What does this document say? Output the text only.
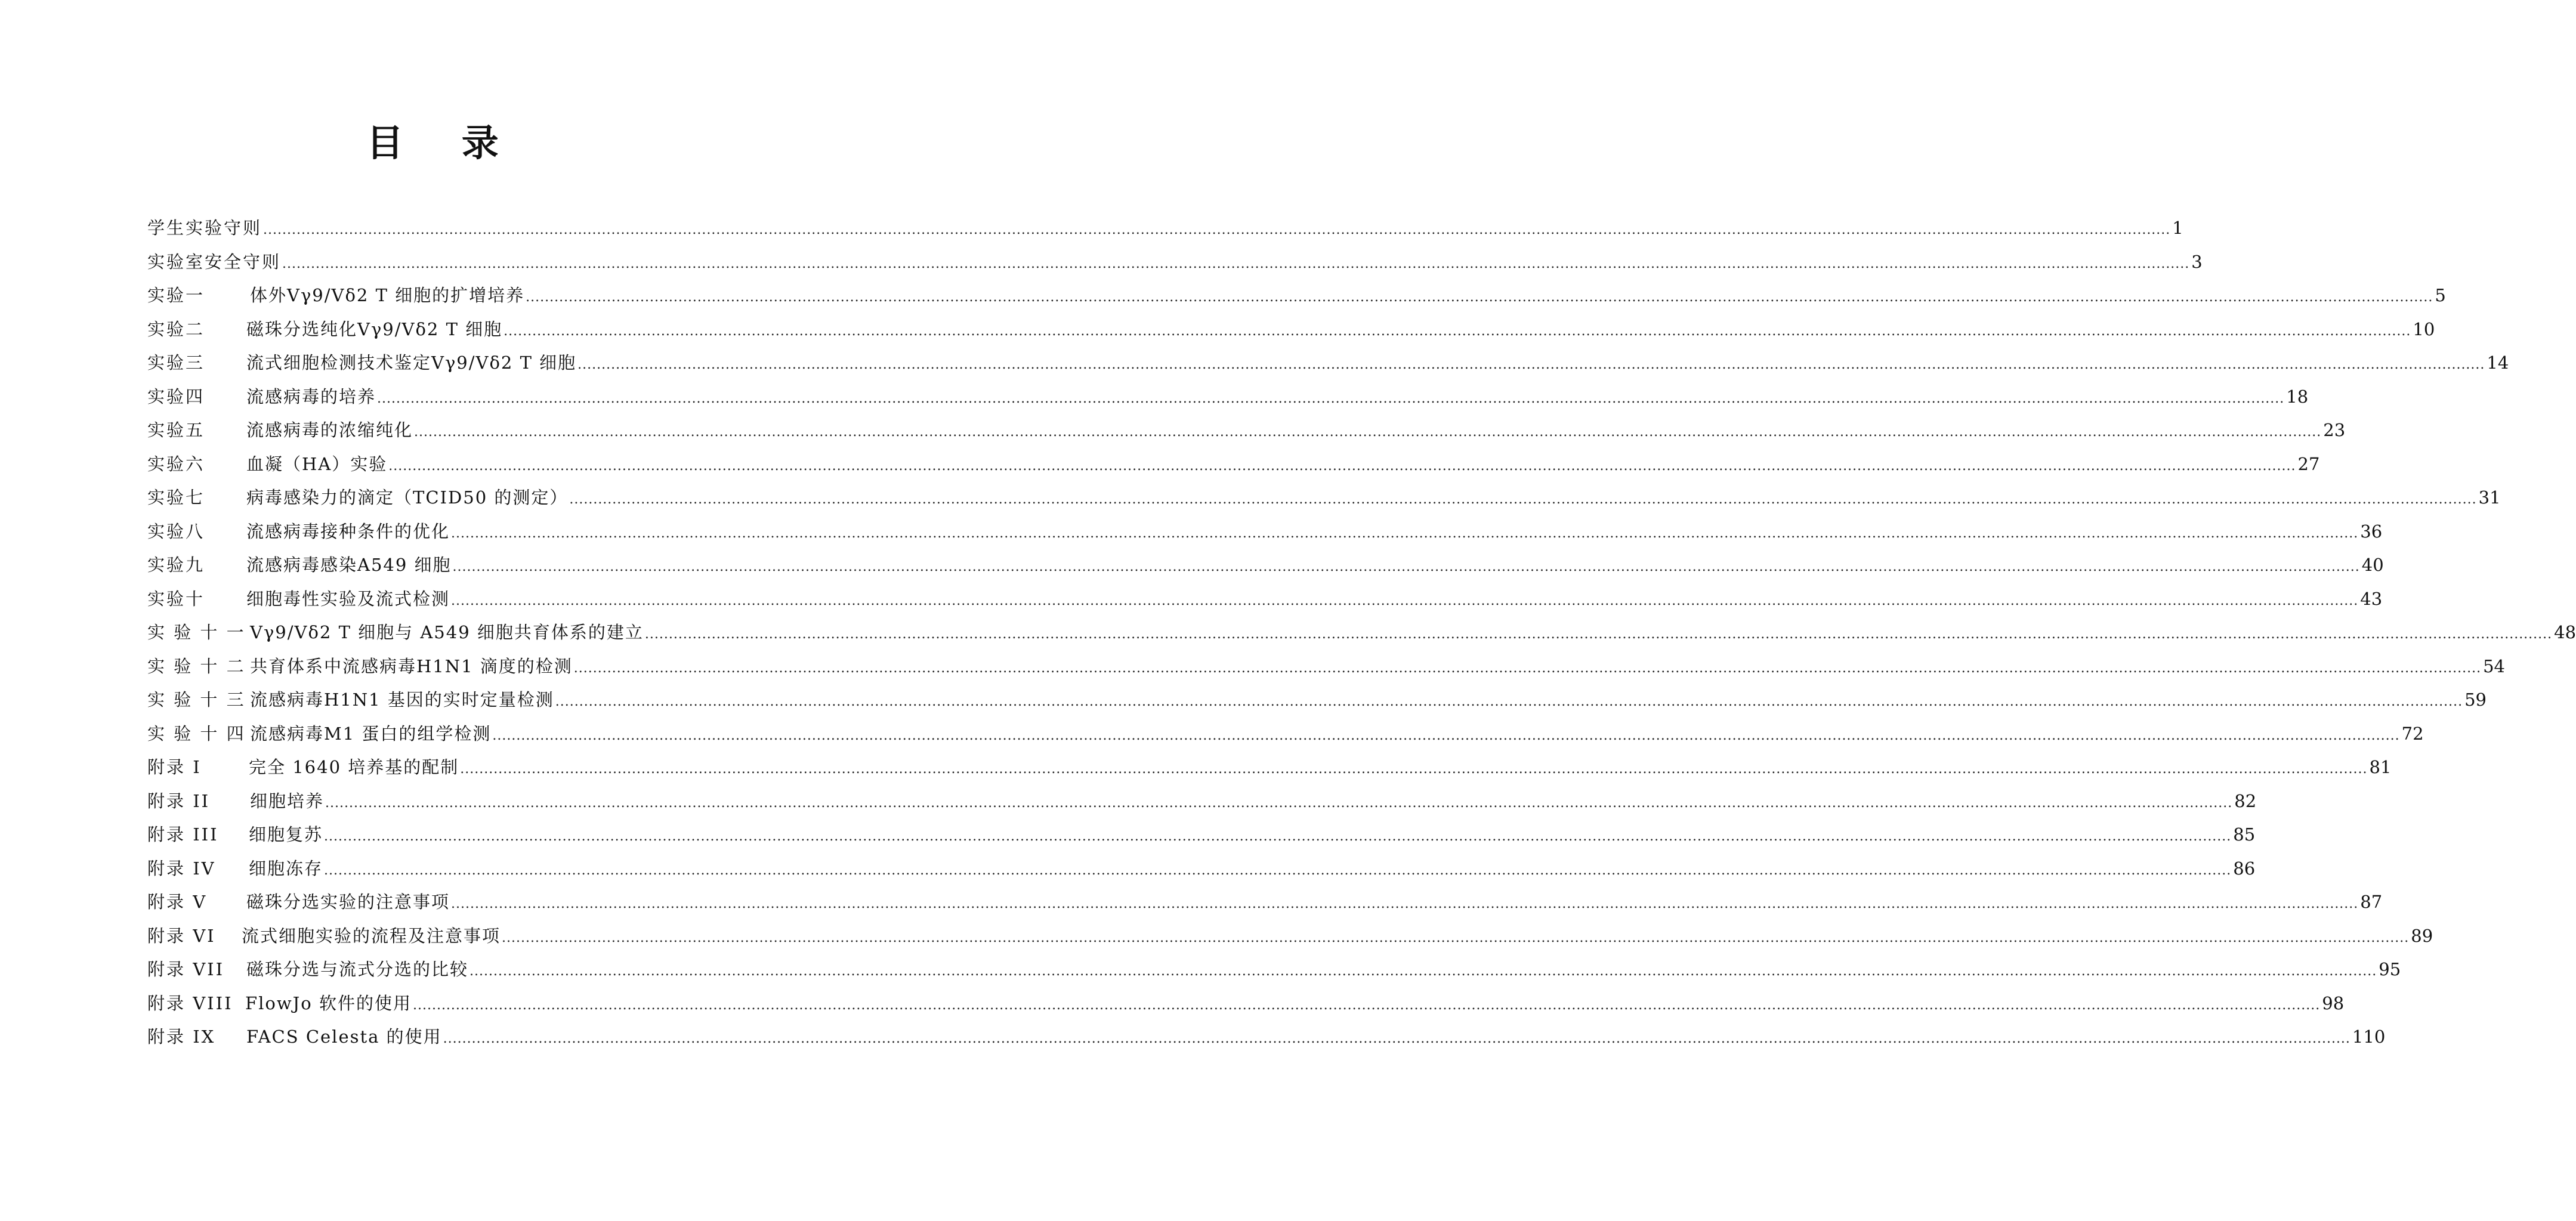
目 录
学生实验守则 ................................................................................................................................................................................................................................................................................................................................................................................................................ 1
实验室安全守则 ................................................................................................................................................................................................................................................................................................................................................................................................................ 3
实验一	体外Vγ9/Vδ2 T 细胞的扩增培养 ................................................................................................................................................................................................................................................................................................................................................................................................................ 5
实验二	磁珠分选纯化Vγ9/Vδ2 T 细胞 ................................................................................................................................................................................................................................................................................................................................................................................................................ 10
实验三	流式细胞检测技术鉴定Vγ9/Vδ2 T 细胞 ................................................................................................................................................................................................................................................................................................................................................................................................................ 14
实验四	流感病毒的培养 ................................................................................................................................................................................................................................................................................................................................................................................................................ 18
实验五	流感病毒的浓缩纯化 ................................................................................................................................................................................................................................................................................................................................................................................................................ 23
实验六	血凝（HA）实验 ................................................................................................................................................................................................................................................................................................................................................................................................................ 27
实验七	病毒感染力的滴定（TCID50 的测定） ................................................................................................................................................................................................................................................................................................................................................................................................................ 31
实验八	流感病毒接种条件的优化 ................................................................................................................................................................................................................................................................................................................................................................................................................ 36
实验九	流感病毒感染A549 细胞 ................................................................................................................................................................................................................................................................................................................................................................................................................ 40
实验十	细胞毒性实验及流式检测 ................................................................................................................................................................................................................................................................................................................................................................................................................ 43
实 验 十 一 Vγ9/Vδ2 T 细胞与 A549 细胞共育体系的建立 ................................................................................................................................................................................................................................................................................................................................................................................................................ 48
实 验 十 二 共育体系中流感病毒H1N1 滴度的检测 ................................................................................................................................................................................................................................................................................................................................................................................................................ 54
实 验 十 三 流感病毒H1N1 基因的实时定量检测 ................................................................................................................................................................................................................................................................................................................................................................................................................ 59
实 验 十 四 流感病毒M1 蛋白的组学检测 ................................................................................................................................................................................................................................................................................................................................................................................................................ 72
附录 I	完全 1640 培养基的配制 ................................................................................................................................................................................................................................................................................................................................................................................................................ 81
附录 II	细胞培养 ................................................................................................................................................................................................................................................................................................................................................................................................................ 82
附录 III	细胞复苏 ................................................................................................................................................................................................................................................................................................................................................................................................................ 85
附录 IV	细胞冻存 ................................................................................................................................................................................................................................................................................................................................................................................................................ 86
附录 V	磁珠分选实验的注意事项 ................................................................................................................................................................................................................................................................................................................................................................................................................ 87
附录 VI	流式细胞实验的流程及注意事项 ................................................................................................................................................................................................................................................................................................................................................................................................................ 89
附录 VII	磁珠分选与流式分选的比较 ................................................................................................................................................................................................................................................................................................................................................................................................................ 95
附录 VIII FlowJo 软件的使用 ................................................................................................................................................................................................................................................................................................................................................................................................................ 98
附录 IX	FACS Celesta 的使用 ................................................................................................................................................................................................................................................................................................................................................................................................................ 110
